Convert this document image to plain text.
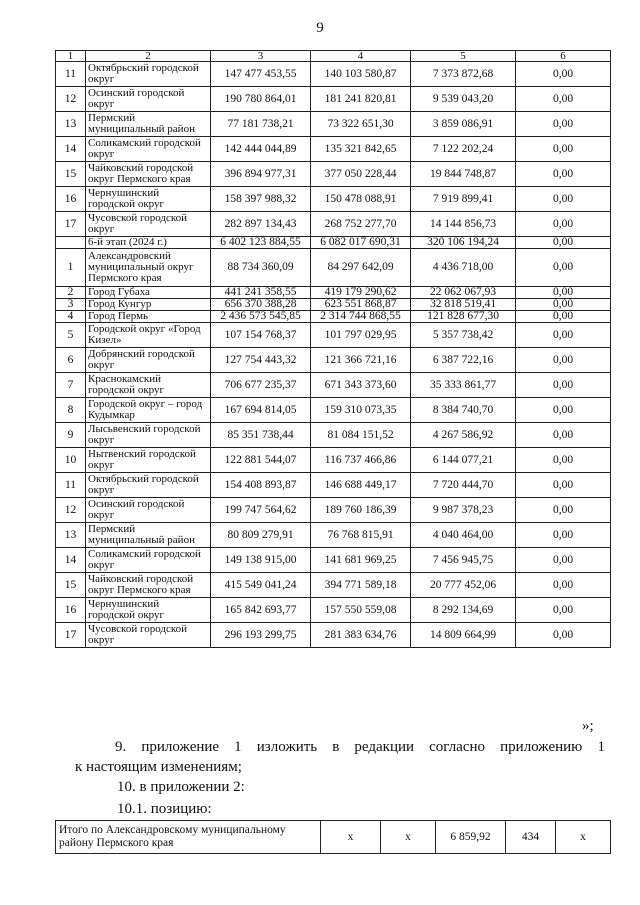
9
1	2	3	4	5	6
11	Октябрьский городской округ	147 477 453,55	140 103 580,87	7 373 872,68	0,00
12	Осинский городской округ	190 780 864,01	181 241 820,81	9 539 043,20	0,00
13	Пермский муниципальный район	77 181 738,21	73 322 651,30	3 859 086,91	0,00
14	Соликамский городской округ	142 444 044,89	135 321 842,65	7 122 202,24	0,00
15	Чайковский городской округ Пермского края	396 894 977,31	377 050 228,44	19 844 748,87	0,00
16	Чернушинский городской округ	158 397 988,32	150 478 088,91	7 919 899,41	0,00
17	Чусовской городской округ	282 897 134,43	268 752 277,70	14 144 856,73	0,00
	6-й этап (2024 г.)	6 402 123 884,55	6 082 017 690,31	320 106 194,24	0,00
1	Александровский муниципальный округ Пермского края	88 734 360,09	84 297 642,09	4 436 718,00	0,00
2	Город Губаха	441 241 358,55	419 179 290,62	22 062 067,93	0,00
3	Город Кунгур	656 370 388,28	623 551 868,87	32 818 519,41	0,00
4	Город Пермь	2 436 573 545,85	2 314 744 868,55	121 828 677,30	0,00
5	Городской округ «Город Кизел»	107 154 768,37	101 797 029,95	5 357 738,42	0,00
6	Добрянский городской округ	127 754 443,32	121 366 721,16	6 387 722,16	0,00
7	Краснокамский городской округ	706 677 235,37	671 343 373,60	35 333 861,77	0,00
8	Городской округ – город Кудымкар	167 694 814,05	159 310 073,35	8 384 740,70	0,00
9	Лысьвенский городской округ	85 351 738,44	81 084 151,52	4 267 586,92	0,00
10	Нытвенский городской округ	122 881 544,07	116 737 466,86	6 144 077,21	0,00
11	Октябрьский городской округ	154 408 893,87	146 688 449,17	7 720 444,70	0,00
12	Осинский городской округ	199 747 564,62	189 760 186,39	9 987 378,23	0,00
13	Пермский муниципальный район	80 809 279,91	76 768 815,91	4 040 464,00	0,00
14	Соликамский городской округ	149 138 915,00	141 681 969,25	7 456 945,75	0,00
15	Чайковский городской округ Пермского края	415 549 041,24	394 771 589,18	20 777 452,06	0,00
16	Чернушинский городской округ	165 842 693,77	157 550 559,08	8 292 134,69	0,00
17	Чусовской городской округ	296 193 299,75	281 383 634,76	14 809 664,99	0,00
»;
9. приложение 1 изложить в редакции согласно приложению 1
к настоящим изменениям;
10. в приложении 2:
10.1. позицию:
Итого по Александровскому муниципальному району Пермского края	х	х	6 859,92	434	х
